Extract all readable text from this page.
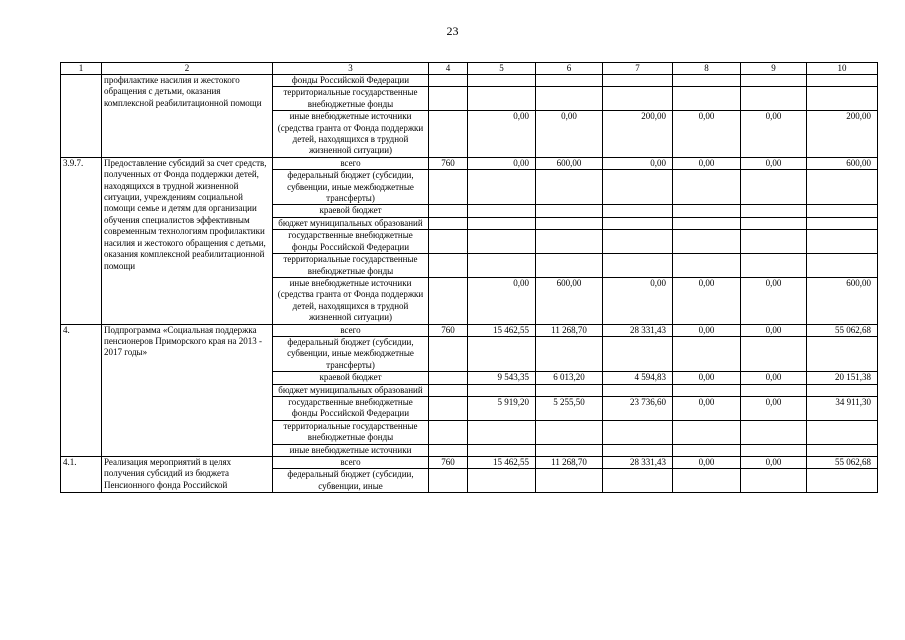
23
1	2	3	4	5	6	7	8	9	10
	профилактике насилия и жестокого обращения с детьми, оказания комплексной реабилитационной помощи	фонды Российской Федерации							
		территориальные государственные внебюджетные фонды							
		иные внебюджетные источники (средства гранта от Фонда поддержки детей, находящихся в трудной жизненной ситуации)		0,00	0,00	200,00	0,00	0,00	200,00
3.9.7.	Предоставление субсидий за счет средств, полученных от Фонда поддержки детей, находящихся в трудной жизненной ситуации, учреждениям социальной помощи семье и детям для организации обучения специалистов эффективным современным технологиям профилактики насилия и жестокого обращения с детьми, оказания комплексной реабилитационной помощи	всего	760	0,00	600,00	0,00	0,00	0,00	600,00
		федеральный бюджет (субсидии, субвенции, иные межбюджетные трансферты)							
		краевой бюджет							
		бюджет муниципальных образований							
		государственные внебюджетные фонды Российской Федерации							
		территориальные государственные внебюджетные фонды							
		иные внебюджетные источники (средства гранта от Фонда поддержки детей, находящихся в трудной жизненной ситуации)		0,00	600,00	0,00	0,00	0,00	600,00
4.	Подпрограмма «Социальная поддержка пенсионеров Приморского края на 2013 - 2017 годы»	всего	760	15 462,55	11 268,70	28 331,43	0,00	0,00	55 062,68
		федеральный бюджет (субсидии, субвенции, иные межбюджетные трансферты)							
		краевой бюджет		9 543,35	6 013,20	4 594,83	0,00	0,00	20 151,38
		бюджет муниципальных образований							
		государственные внебюджетные фонды Российской Федерации		5 919,20	5 255,50	23 736,60	0,00	0,00	34 911,30
		территориальные государственные внебюджетные фонды							
		иные внебюджетные источники							
4.1.	Реализация мероприятий в целях получения субсидий из бюджета Пенсионного фонда Российской	всего	760	15 462,55	11 268,70	28 331,43	0,00	0,00	55 062,68
		федеральный бюджет (субсидии, субвенции, иные							
